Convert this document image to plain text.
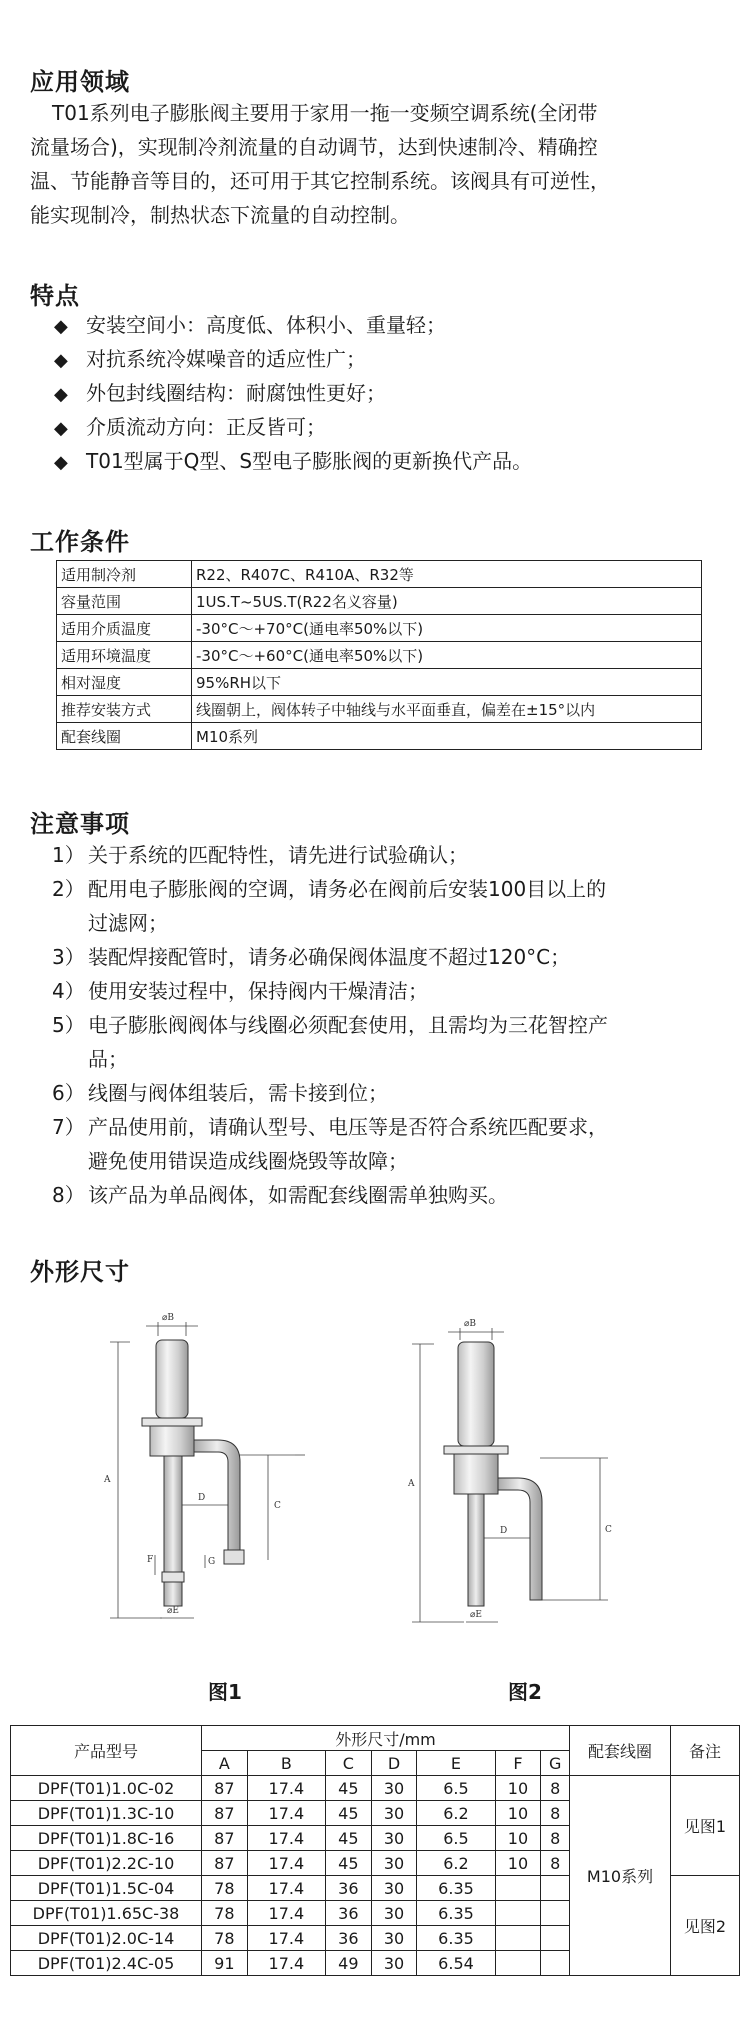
应用领域
T01系列电子膨胀阀主要用于家用一拖一变频空调系统(全闭带
流量场合)，实现制冷剂流量的自动调节，达到快速制冷、精确控
温、节能静音等目的，还可用于其它控制系统。该阀具有可逆性，
能实现制冷，制热状态下流量的自动控制。
特点
◆ 安装空间小：高度低、体积小、重量轻；
◆ 对抗系统冷媒噪音的适应性广；
◆ 外包封线圈结构：耐腐蚀性更好；
◆ 介质流动方向：正反皆可；
◆ T01型属于Q型、S型电子膨胀阀的更新换代产品。
工作条件
适用制冷剂	R22、R407C、R410A、R32等
容量范围	1US.T~5US.T(R22名义容量)
适用介质温度	-30°C～+70°C(通电率50%以下)
适用环境温度	-30°C～+60°C(通电率50%以下)
相对湿度	95%RH以下
推荐安装方式	线圈朝上，阀体转子中轴线与水平面垂直，偏差在±15°以内
配套线圈	M10系列
注意事项
1） 关于系统的匹配特性，请先进行试验确认；
2） 配用电子膨胀阀的空调，请务必在阀前后安装100目以上的
过滤网；
3） 装配焊接配管时，请务必确保阀体温度不超过120°C；
4） 使用安装过程中，保持阀内干燥清洁；
5） 电子膨胀阀阀体与线圈必须配套使用，且需均为三花智控产
品；
6） 线圈与阀体组装后，需卡接到位；
7） 产品使用前，请确认型号、电压等是否符合系统匹配要求，
避免使用错误造成线圈烧毁等故障；
8） 该产品为单品阀体，如需配套线圈需单独购买。
外形尺寸
⌀B
A
C
D
F	G
⌀E
⌀B
A
C
D
⌀E
图1	图2
产品型号	外形尺寸/mm							配套线圈	备注
	A	B	C	D	E	F	G		
DPF(T01)1.0C-02	87	17.4	45	30	6.5	10	8	M10系列	见图1
DPF(T01)1.3C-10	87	17.4	45	30	6.2	10	8		
DPF(T01)1.8C-16	87	17.4	45	30	6.5	10	8		
DPF(T01)2.2C-10	87	17.4	45	30	6.2	10	8		
DPF(T01)1.5C-04	78	17.4	36	30	6.35				见图2
DPF(T01)1.65C-38	78	17.4	36	30	6.35				
DPF(T01)2.0C-14	78	17.4	36	30	6.35				
DPF(T01)2.4C-05	91	17.4	49	30	6.54				
